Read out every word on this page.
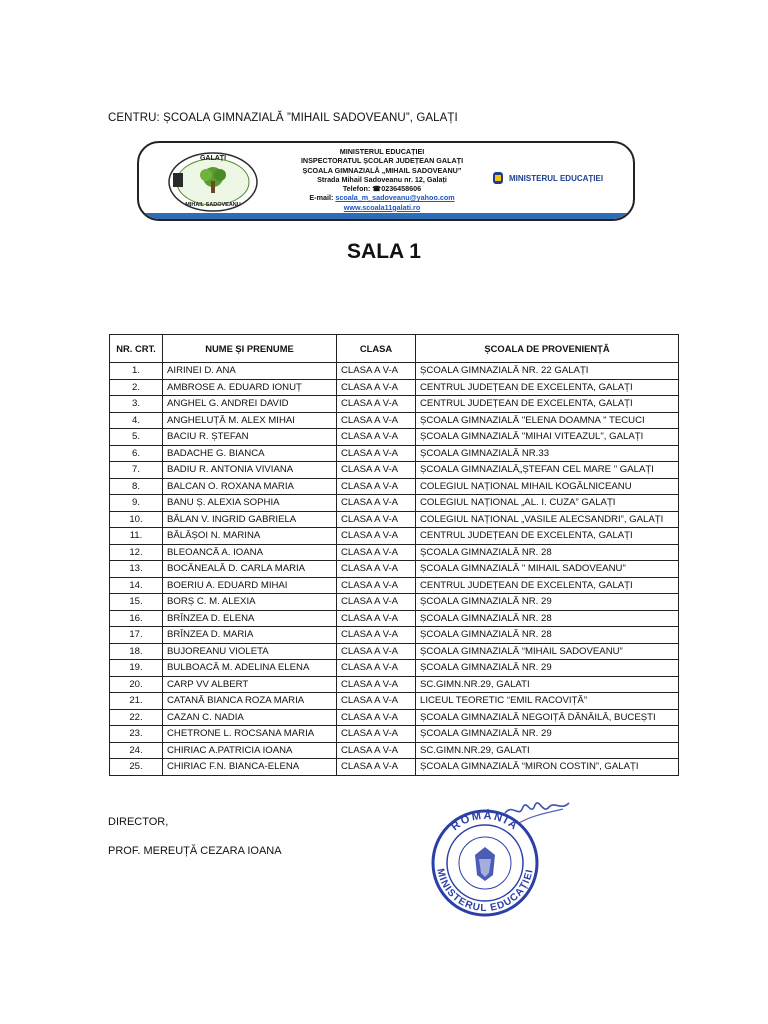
CENTRU: ȘCOALA GIMNAZIALĂ ”MIHAIL SADOVEANU”, GALAȚI
GALAȚI
MIHAIL SADOVEANU
MINISTERUL EDUCAȚIEI
INSPECTORATUL ȘCOLAR JUDEȚEAN GALAȚI
ȘCOALA GIMNAZIALĂ „MIHAIL SADOVEANU”
Strada Mihail Sadoveanu nr. 12, Galați
Telefon: ☎0236458606
E-mail: scoala_m_sadoveanu@yahoo.com
www.scoala11galati.ro
MINISTERUL EDUCAȚIEI
SALA 1
NR. CRT.	NUME ȘI PRENUME	CLASA	ȘCOALA DE PROVENIENȚĂ
1.	AIRINEI D. ANA	CLASA A V-A	ȘCOALA GIMNAZIALĂ NR. 22 GALAȚI
2.	AMBROSE A. EDUARD IONUȚ	CLASA A V-A	CENTRUL JUDEȚEAN DE EXCELENTA, GALAȚI
3.	ANGHEL G. ANDREI DAVID	CLASA A V-A	CENTRUL JUDEȚEAN DE EXCELENTA, GALAȚI
4.	ANGHELUȚĂ M. ALEX MIHAI	CLASA A V-A	ȘCOALA GIMNAZIALĂ "ELENA DOAMNA " TECUCI
5.	BACIU R. ȘTEFAN	CLASA A V-A	ȘCOALA GIMNAZIALĂ "MIHAI VITEAZUL", GALAȚI
6.	BADACHE G. BIANCA	CLASA A V-A	ȘCOALA GIMNAZIALĂ NR.33
7.	BADIU R. ANTONIA VIVIANA	CLASA A V-A	ȘCOALA GIMNAZIALĂ„ȘTEFAN CEL MARE " GALAȚI
8.	BALCAN O. ROXANA MARIA	CLASA A V-A	COLEGIUL NAȚIONAL MIHAIL KOGĂLNICEANU
9.	BANU Ș. ALEXIA SOPHIA	CLASA A V-A	COLEGIUL NAȚIONAL „AL. I. CUZA” GALAȚI
10.	BĂLAN V. INGRID GABRIELA	CLASA A V-A	COLEGIUL NAȚIONAL „VASILE ALECSANDRI”, GALAȚI
11.	BĂLĂȘOI N. MARINA	CLASA A V-A	CENTRUL JUDEȚEAN DE EXCELENTA, GALAȚI
12.	BLEOANCĂ A. IOANA	CLASA A V-A	ȘCOALA GIMNAZIALĂ NR. 28
13.	BOCĂNEALĂ D. CARLA MARIA	CLASA A V-A	ȘCOALA GIMNAZIALĂ " MIHAIL SADOVEANU"
14.	BOERIU A. EDUARD MIHAI	CLASA A V-A	CENTRUL JUDEȚEAN DE EXCELENTA, GALAȚI
15.	BORȘ C. M. ALEXIA	CLASA A V-A	ȘCOALA GIMNAZIALĂ NR. 29
16.	BRÎNZEA D. ELENA	CLASA A V-A	ȘCOALA GIMNAZIALĂ NR. 28
17.	BRÎNZEA D. MARIA	CLASA A V-A	ȘCOALA GIMNAZIALĂ NR. 28
18.	BUJOREANU VIOLETA	CLASA A V-A	ȘCOALA GIMNAZIALĂ “MIHAIL SADOVEANU”
19.	BULBOACĂ M. ADELINA ELENA	CLASA A V-A	ȘCOALA GIMNAZIALĂ NR. 29
20.	CARP VV ALBERT	CLASA A V-A	SC.GIMN.NR.29, GALATI
21.	CATANĂ BIANCA ROZA MARIA	CLASA A V-A	LICEUL TEORETIC “EMIL RACOVIȚĂ”
22.	CAZAN C. NADIA	CLASA A V-A	ȘCOALA GIMNAZIALĂ NEGOIȚĂ DĂNĂILĂ, BUCEȘTI
23.	CHETRONE L. ROCSANA MARIA	CLASA A V-A	ȘCOALA GIMNAZIALĂ NR. 29
24.	CHIRIAC A.PATRICIA IOANA	CLASA A V-A	SC.GIMN.NR.29, GALATI
25.	CHIRIAC F.N. BIANCA-ELENA	CLASA A V-A	ȘCOALA GIMNAZIALĂ “MIRON COSTIN”, GALAȚI
DIRECTOR,
PROF. MEREUȚĂ CEZARA IOANA
ROMÂNIA
MINISTERUL EDUCAȚIEI
